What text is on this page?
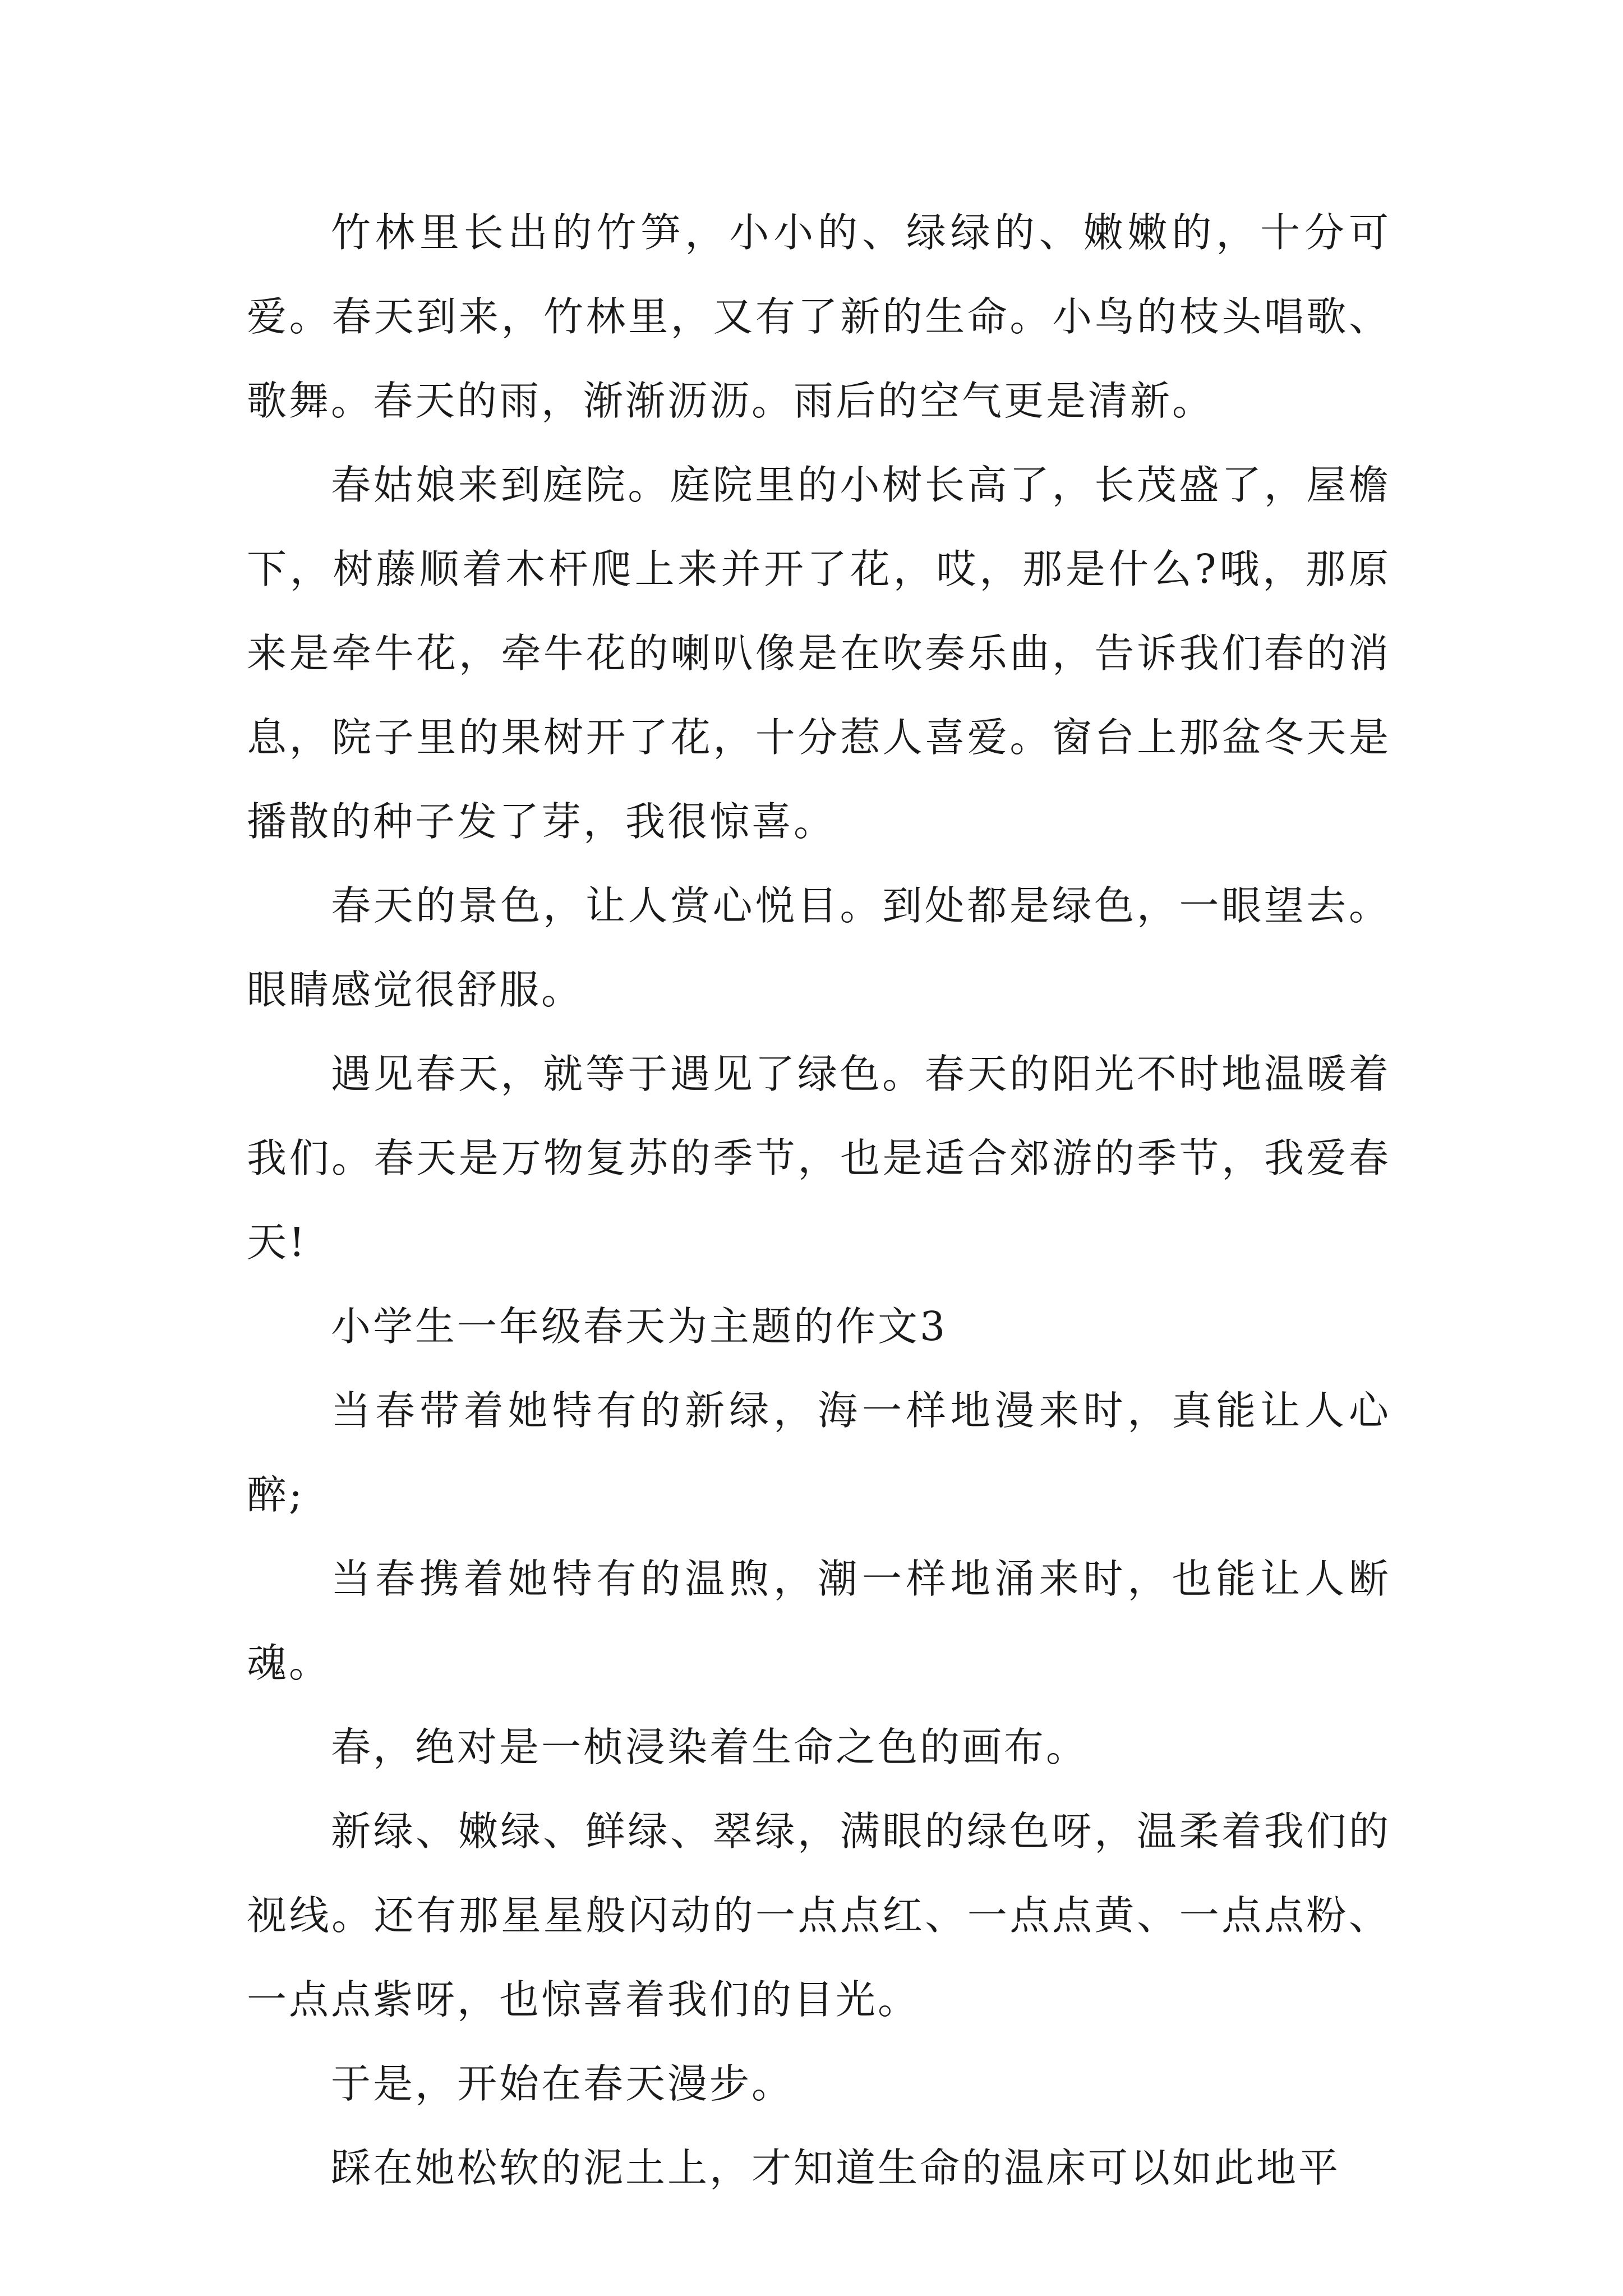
竹林里长出的竹笋，小小的、绿绿的、嫩嫩的，十分可爱。春天到来，竹林里，又有了新的生命。小鸟的枝头唱歌、歌舞。春天的雨，渐渐沥沥。雨后的空气更是清新。

春姑娘来到庭院。庭院里的小树长高了，长茂盛了，屋檐下，树藤顺着木杆爬上来并开了花，哎，那是什么?哦，那原来是牵牛花，牵牛花的喇叭像是在吹奏乐曲，告诉我们春的消息，院子里的果树开了花，十分惹人喜爱。窗台上那盆冬天是播散的种子发了芽，我很惊喜。

春天的景色，让人赏心悦目。到处都是绿色，一眼望去。眼睛感觉很舒服。

遇见春天，就等于遇见了绿色。春天的阳光不时地温暖着我们。春天是万物复苏的季节，也是适合郊游的季节，我爱春天!

小学生一年级春天为主题的作文3

当春带着她特有的新绿，海一样地漫来时，真能让人心醉;

当春携着她特有的温煦，潮一样地涌来时，也能让人断魂。

春，绝对是一桢浸染着生命之色的画布。

新绿、嫩绿、鲜绿、翠绿，满眼的绿色呀，温柔着我们的视线。还有那星星般闪动的一点点红、一点点黄、一点点粉、一点点紫呀，也惊喜着我们的目光。

于是，开始在春天漫步。

踩在她松软的泥土上，才知道生命的温床可以如此地平
